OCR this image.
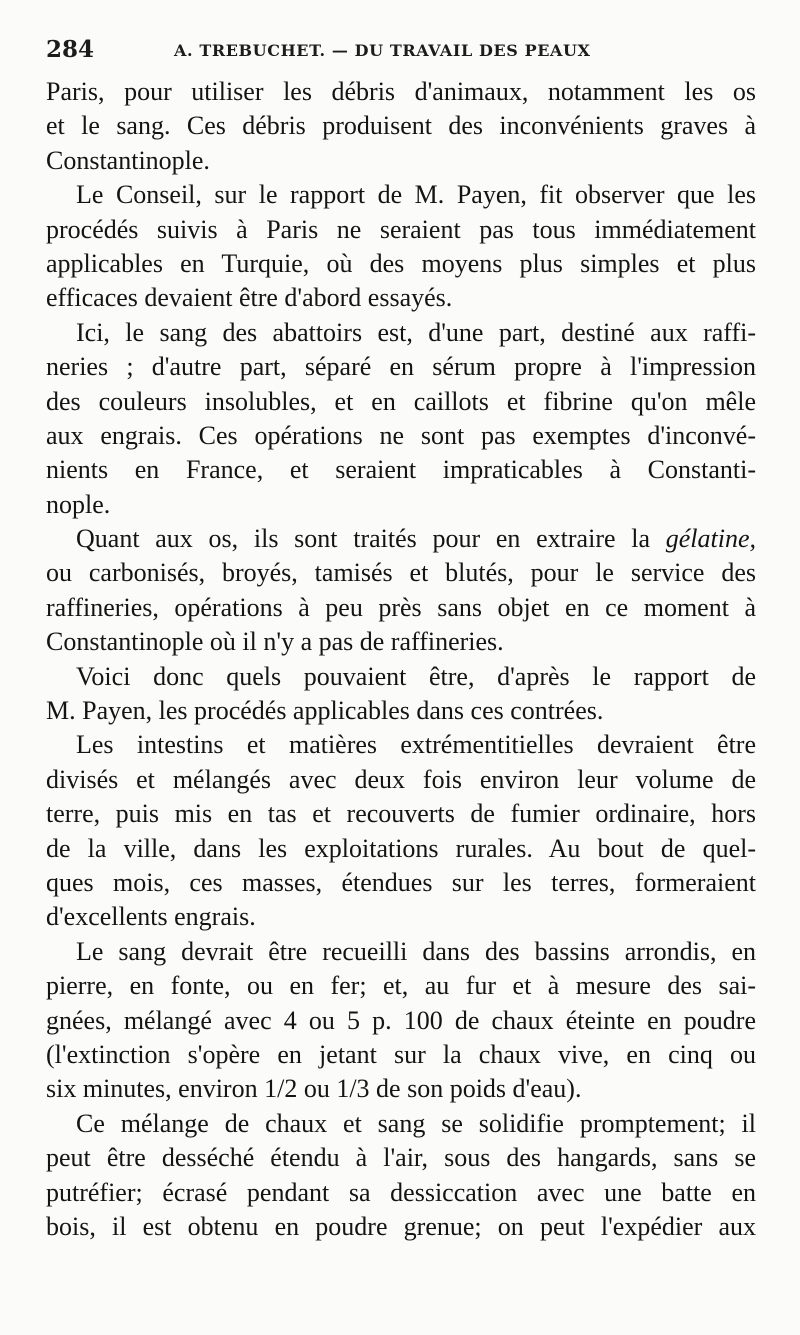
284	A. TREBUCHET. — DU TRAVAIL DES PEAUX

Paris, pour utiliser les débris d'animaux, notamment les os
et le sang. Ces débris produisent des inconvénients graves à
Constantinople.

Le Conseil, sur le rapport de M. Payen, fit observer que les
procédés suivis à Paris ne seraient pas tous immédiatement
applicables en Turquie, où des moyens plus simples et plus
efficaces devaient être d'abord essayés.

Ici, le sang des abattoirs est, d'une part, destiné aux raffi-
neries ; d'autre part, séparé en sérum propre à l'impression
des couleurs insolubles, et en caillots et fibrine qu'on mêle
aux engrais. Ces opérations ne sont pas exemptes d'inconvé-
nients en France, et seraient impraticables à Constanti-
nople.

Quant aux os, ils sont traités pour en extraire la gélatine,
ou carbonisés, broyés, tamisés et blutés, pour le service des
raffineries, opérations à peu près sans objet en ce moment à
Constantinople où il n'y a pas de raffineries.

Voici donc quels pouvaient être, d'après le rapport de
M. Payen, les procédés applicables dans ces contrées.

Les intestins et matières extrémentitielles devraient être
divisés et mélangés avec deux fois environ leur volume de
terre, puis mis en tas et recouverts de fumier ordinaire, hors
de la ville, dans les exploitations rurales. Au bout de quel-
ques mois, ces masses, étendues sur les terres, formeraient
d'excellents engrais.

Le sang devrait être recueilli dans des bassins arrondis, en
pierre, en fonte, ou en fer; et, au fur et à mesure des sai-
gnées, mélangé avec 4 ou 5 p. 100 de chaux éteinte en poudre
(l'extinction s'opère en jetant sur la chaux vive, en cinq ou
six minutes, environ 1/2 ou 1/3 de son poids d'eau).

Ce mélange de chaux et sang se solidifie promptement; il
peut être desséché étendu à l'air, sous des hangards, sans se
putréfier; écrasé pendant sa dessiccation avec une batte en
bois, il est obtenu en poudre grenue; on peut l'expédier aux
